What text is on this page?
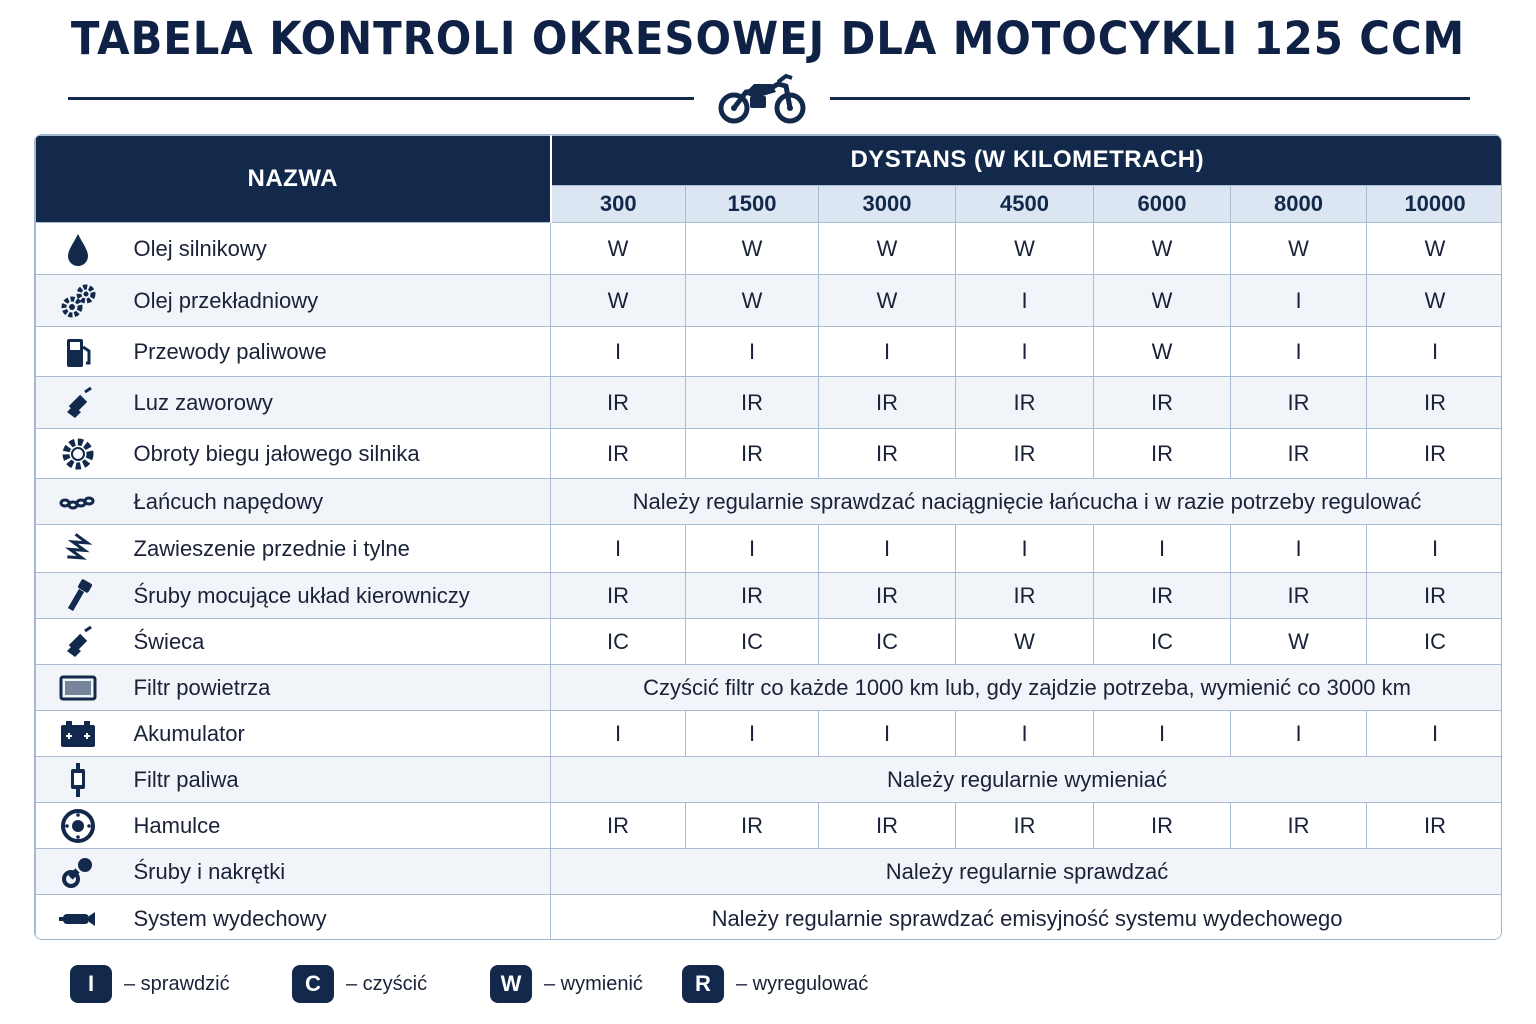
TABELA KONTROLI OKRESOWEJ DLA MOTOCYKLI 125 CCM
NAZWA		DYSTANS (W KILOMETRACH)						
		300	1500	3000	4500	6000	8000	10000
	Olej silnikowy	W	W	W	W	W	W	W
	Olej przekładniowy	W	W	W	I	W	I	W
	Przewody paliwowe	I	I	I	I	W	I	I
	Luz zaworowy	IR	IR	IR	IR	IR	IR	IR
	Obroty biegu jałowego silnika	IR	IR	IR	IR	IR	IR	IR
	Łańcuch napędowy	Należy regularnie sprawdzać naciągnięcie łańcucha i w razie potrzeby regulować						
	Zawieszenie przednie i tylne	I	I	I	I	I	I	I
	Śruby mocujące układ kierowniczy	IR	IR	IR	IR	IR	IR	IR
	Świeca	IC	IC	IC	W	IC	W	IC
	Filtr powietrza	Czyścić filtr co każde 1000 km lub, gdy zajdzie potrzeba, wymienić co 3000 km						
	Akumulator	I	I	I	I	I	I	I
	Filtr paliwa	Należy regularnie wymieniać						
	Hamulce	IR	IR	IR	IR	IR	IR	IR
	Śruby i nakrętki	Należy regularnie sprawdzać						
	System wydechowy	Należy regularnie sprawdzać emisyjność systemu wydechowego						
I	– sprawdzić	C	– czyścić	W	– wymienić	R	– wyregulować
